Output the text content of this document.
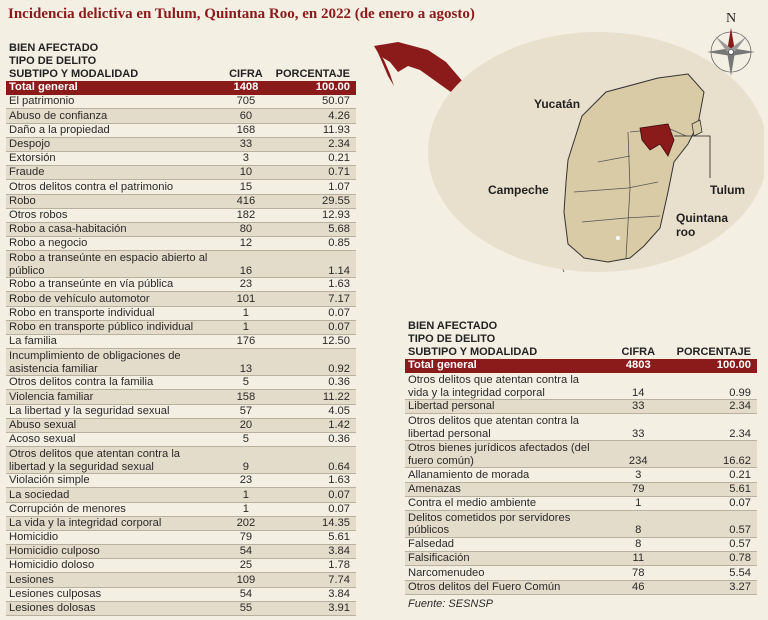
Incidencia delictiva en Tulum, Quintana Roo, en 2022 (de enero a agosto)
Yucatán
Campeche	Tulum
Quintana
roo
N
BIEN AFECTADO		
TIPO DE DELITO		
SUBTIPO Y MODALIDAD	CIFRA	PORCENTAJE
Total general	1408	100.00
El patrimonio	705	50.07
Abuso de confianza	60	4.26
Daño a la propiedad	168	11.93
Despojo	33	2.34
Extorsión	3	0.21
Fraude	10	0.71
Otros delitos contra el patrimonio	15	1.07
Robo	416	29.55
Otros robos	182	12.93
Robo a casa-habitación	80	5.68
Robo a negocio	12	0.85
Robo a transeúnte en espacio abierto al público	16	1.14
Robo a transeúnte en vía pública	23	1.63
Robo de vehículo automotor	101	7.17
Robo en transporte individual	1	0.07
Robo en transporte público individual	1	0.07
La familia	176	12.50
Incumplimiento de obligaciones de asistencia familiar	13	0.92
Otros delitos contra la familia	5	0.36
Violencia familiar	158	11.22
La libertad y la seguridad sexual	57	4.05
Abuso sexual	20	1.42
Acoso sexual	5	0.36
Otros delitos que atentan contra la libertad y la seguridad sexual	9	0.64
Violación simple	23	1.63
La sociedad	1	0.07
Corrupción de menores	1	0.07
La vida y la integridad corporal	202	14.35
Homicidio	79	5.61
Homicidio culposo	54	3.84
Homicidio doloso	25	1.78
Lesiones	109	7.74
Lesiones culposas	54	3.84
Lesiones dolosas	55	3.91
BIEN AFECTADO		
TIPO DE DELITO		
SUBTIPO Y MODALIDAD	CIFRA	PORCENTAJE
Total general	4803	100.00
Otros delitos que atentan contra la vida y la integridad corporal	14	0.99
Libertad personal	33	2.34
Otros delitos que atentan contra la libertad personal	33	2.34
Otros bienes jurídicos afectados (del fuero común)	234	16.62
Allanamiento de morada	3	0.21
Amenazas	79	5.61
Contra el medio ambiente	1	0.07
Delitos cometidos por servidores públicos	8	0.57
Falsedad	8	0.57
Falsificación	11	0.78
Narcomenudeo	78	5.54
Otros delitos del Fuero Común	46	3.27
Fuente: SESNSP
